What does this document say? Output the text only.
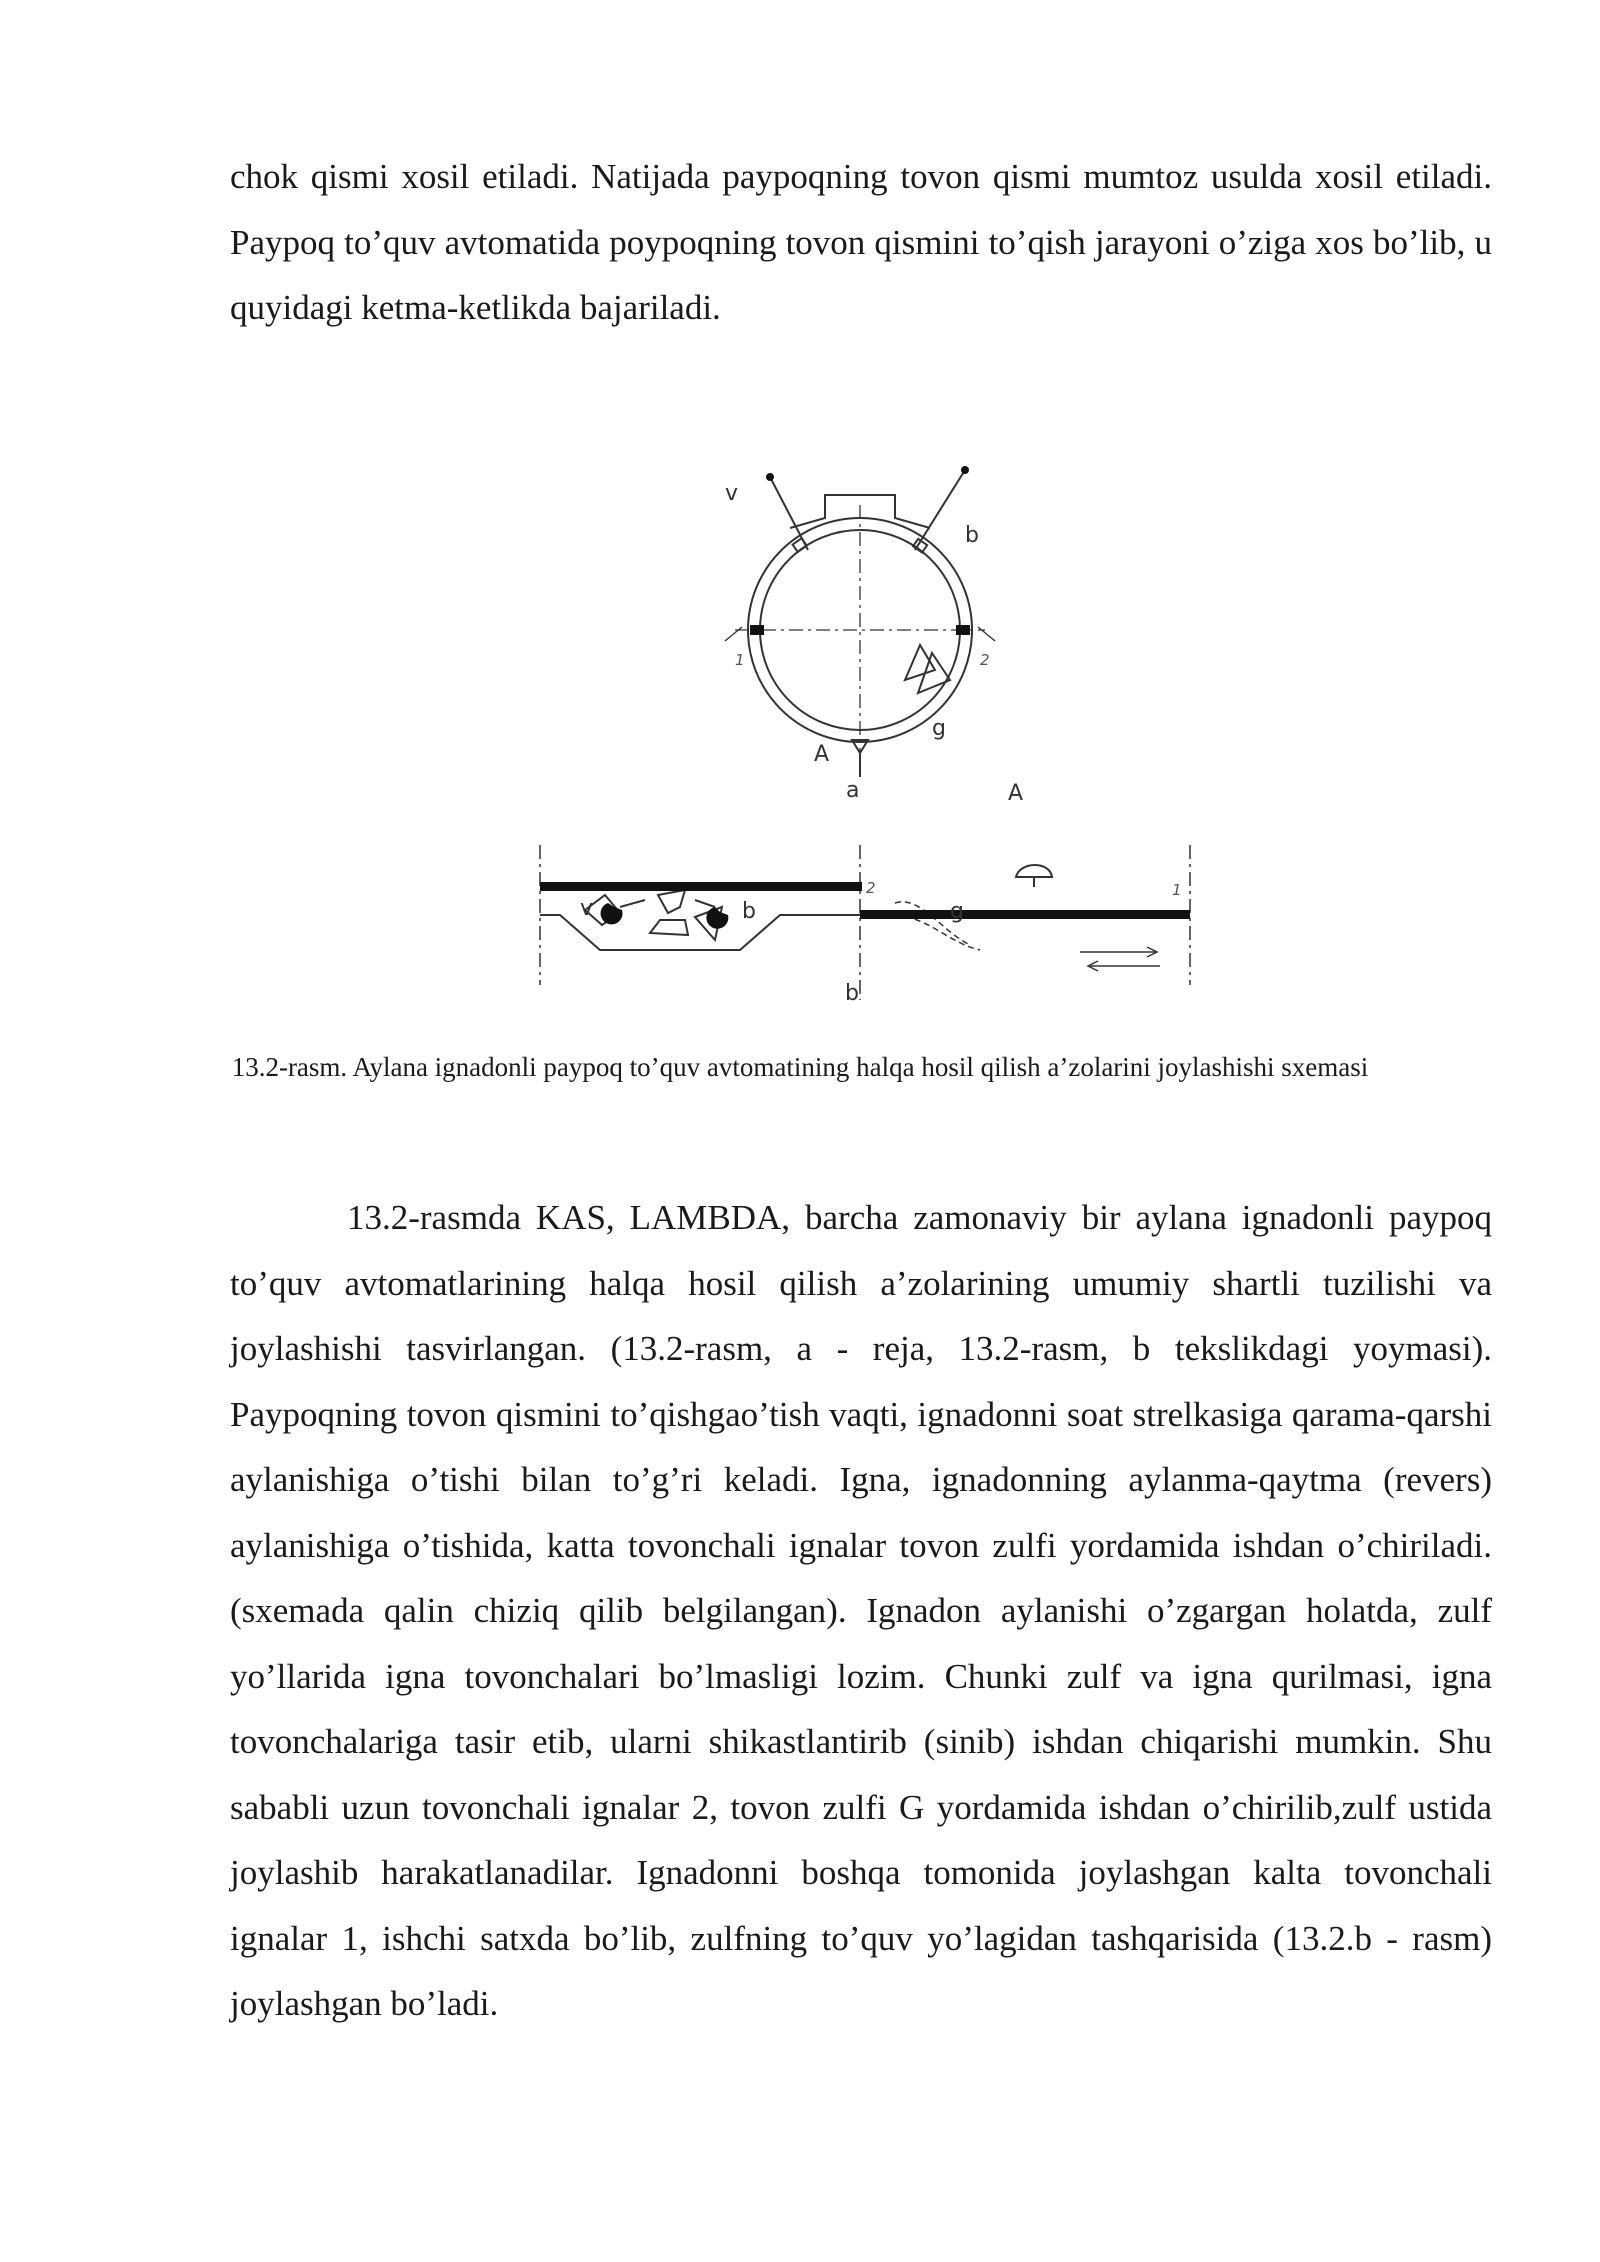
chok qismi xosil etiladi. Natijada paypoqning tovon qismi mumtoz usulda xosil etiladi. Paypoq to’quv avtomatida poypoqning tovon qismini to’qish jarayoni o’ziga xos bo’lib, u quyidagi ketma-ketlikda bajariladi.

v
b
1	2
g
A
a	A
v	b
2
g
1
b

13.2-rasm. Aylana ignadonli paypoq to’quv avtomatining halqa hosil qilish a’zolarini joylashishi sxemasi

13.2-rasmda KAS, LAMBDA, barcha zamonaviy bir aylana ignadonli paypoq to’quv avtomatlarining halqa hosil qilish a’zolarining umumiy shartli tuzilishi va joylashishi tasvirlangan. (13.2-rasm, a - reja, 13.2-rasm, b tekslikdagi yoymasi). Paypoqning tovon qismini to’qishgao’tish vaqti, ignadonni soat strelkasiga qarama-qarshi aylanishiga o’tishi bilan to’g’ri keladi. Igna, ignadonning aylanma-qaytma (revers) aylanishiga o’tishida, katta tovonchali ignalar tovon zulfi yordamida ishdan o’chiriladi. (sxemada qalin chiziq qilib belgilangan). Ignadon aylanishi o’zgargan holatda, zulf yo’llarida igna tovonchalari bo’lmasligi lozim. Chunki zulf va igna qurilmasi, igna tovonchalariga tasir etib, ularni shikastlantirib (sinib) ishdan chiqarishi mumkin. Shu sababli uzun tovonchali ignalar 2, tovon zulfi G yordamida ishdan o’chirilib,zulf ustida joylashib harakatlanadilar. Ignadonni boshqa tomonida joylashgan kalta tovonchali ignalar 1, ishchi satxda bo’lib, zulfning to’quv yo’lagidan tashqarisida (13.2.b - rasm) joylashgan bo’ladi.
